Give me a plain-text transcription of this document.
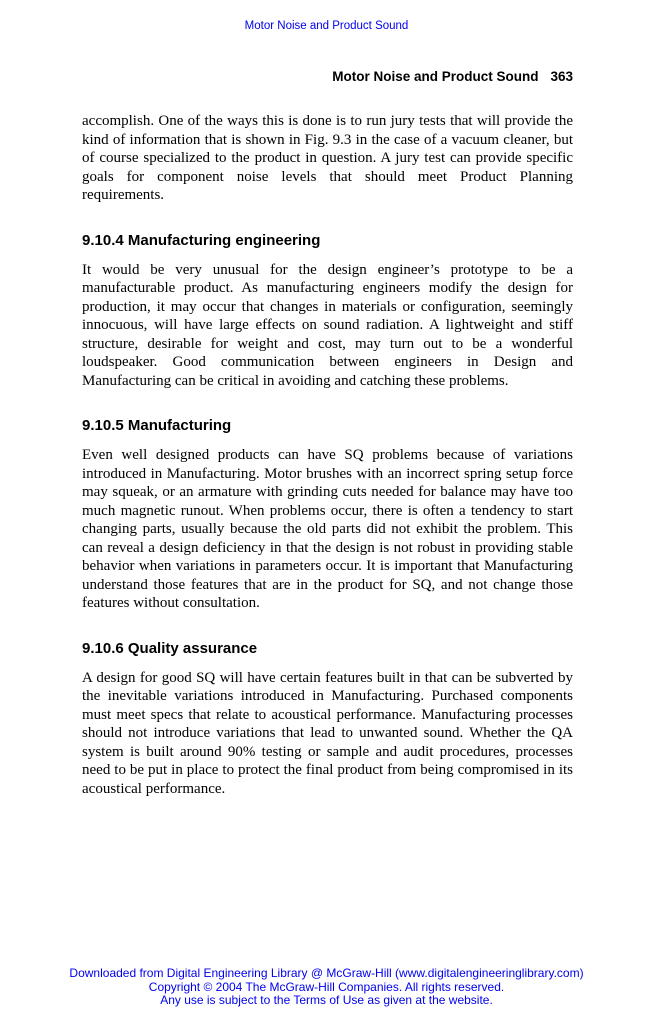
Motor Noise and Product Sound
Motor Noise and Product Sound 363

accomplish. One of the ways this is done is to run jury tests that will provide the kind of information that is shown in Fig. 9.3 in the case of a vacuum cleaner, but of course specialized to the product in question. A jury test can provide specific goals for component noise levels that should meet Product Planning requirements.

9.10.4 Manufacturing engineering

It would be very unusual for the design engineer’s prototype to be a manufacturable product. As manufacturing engineers modify the design for production, it may occur that changes in materials or configuration, seemingly innocuous, will have large effects on sound radiation. A lightweight and stiff structure, desirable for weight and cost, may turn out to be a wonderful loudspeaker. Good communication between engineers in Design and Manufacturing can be critical in avoiding and catching these problems.

9.10.5 Manufacturing

Even well designed products can have SQ problems because of variations introduced in Manufacturing. Motor brushes with an incorrect spring setup force may squeak, or an armature with grinding cuts needed for balance may have too much magnetic runout. When problems occur, there is often a tendency to start changing parts, usually because the old parts did not exhibit the problem. This can reveal a design deficiency in that the design is not robust in providing stable behavior when variations in parameters occur. It is important that Manufacturing understand those features that are in the product for SQ, and not change those features without consultation.

9.10.6 Quality assurance

A design for good SQ will have certain features built in that can be subverted by the inevitable variations introduced in Manufacturing. Purchased components must meet specs that relate to acoustical performance. Manufacturing processes should not introduce variations that lead to unwanted sound. Whether the QA system is built around 90% testing or sample and audit procedures, processes need to be put in place to protect the final product from being compromised in its acoustical performance.

Downloaded from Digital Engineering Library @ McGraw-Hill (www.digitalengineeringlibrary.com)
Copyright © 2004 The McGraw-Hill Companies. All rights reserved.
Any use is subject to the Terms of Use as given at the website.
